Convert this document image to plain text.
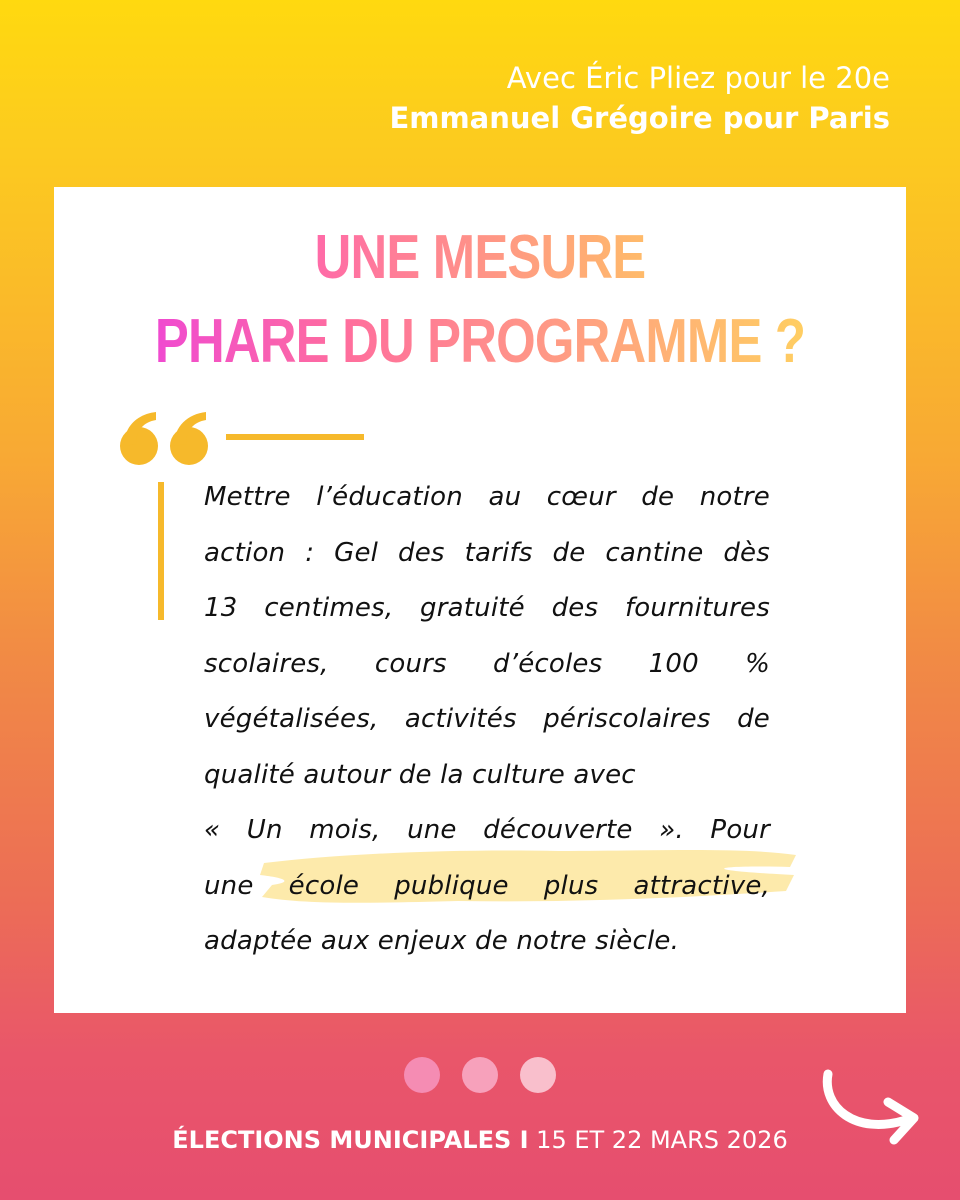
Avec Éric Pliez pour le 20e
Emmanuel Grégoire pour Paris
UNE MESURE
PHARE DU PROGRAMME ?
Mettre l’éducation au cœur de notre
action : Gel des tarifs de cantine dès
13 centimes, gratuité des fournitures
scolaires, cours d’écoles 100 %
végétalisées, activités périscolaires de
qualité autour de la culture avec
« Un mois, une découverte ». Pour
une école publique plus attractive,
adaptée aux enjeux de notre siècle.
ÉLECTIONS MUNICIPALES I 15 ET 22 MARS 2026
